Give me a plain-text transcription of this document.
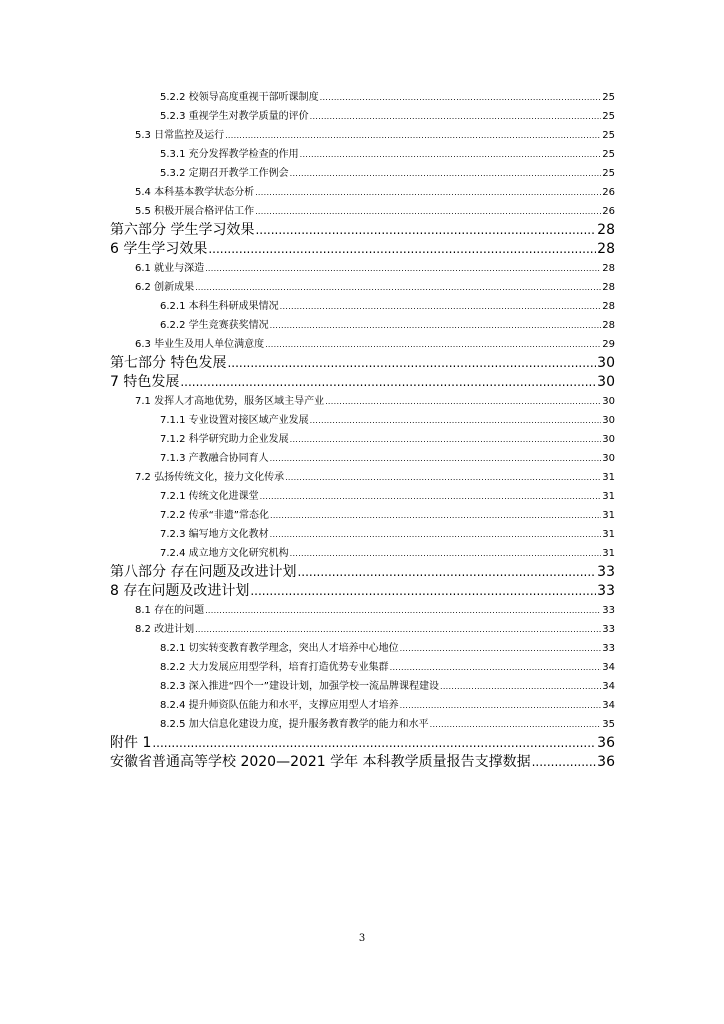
5.2.2 校领导高度重视干部听课制度 .....	25
5.2.3 重视学生对教学质量的评价 .....	25
5.3 日常监控及运行 .....	25
5.3.1 充分发挥教学检查的作用 .....	25
5.3.2 定期召开教学工作例会 .....	25
5.4 本科基本教学状态分析 .....	26
5.5 积极开展合格评估工作 .....	26
第六部分 学生学习效果 .....	28
6 学生学习效果 .....	28
6.1 就业与深造 .....	28
6.2 创新成果 .....	28
6.2.1 本科生科研成果情况 .....	28
6.2.2 学生竞赛获奖情况 .....	28
6.3 毕业生及用人单位满意度 .....	29
第七部分 特色发展 .....	30
7 特色发展 .....	30
7.1 发挥人才高地优势，服务区域主导产业 .....	30
7.1.1 专业设置对接区域产业发展 .....	30
7.1.2 科学研究助力企业发展 .....	30
7.1.3 产教融合协同育人 .....	30
7.2 弘扬传统文化，接力文化传承 .....	31
7.2.1 传统文化进课堂 .....	31
7.2.2 传承“非遗”常态化 .....	31
7.2.3 编写地方文化教材 .....	31
7.2.4 成立地方文化研究机构 .....	31
第八部分 存在问题及改进计划 .....	33
8 存在问题及改进计划 .....	33
8.1 存在的问题 .....	33
8.2 改进计划 .....	33
8.2.1 切实转变教育教学理念，突出人才培养中心地位 .....	33
8.2.2 大力发展应用型学科，培育打造优势专业集群 .....	34
8.2.3 深入推进“四个一”建设计划，加强学校一流品牌课程建设 .....	34
8.2.4 提升师资队伍能力和水平，支撑应用型人才培养 .....	34
8.2.5 加大信息化建设力度，提升服务教育教学的能力和水平 .....	35
附件 1 .....	36
安徽省普通高等学校 2020—2021 学年 本科教学质量报告支撑数据 .....	36
3
